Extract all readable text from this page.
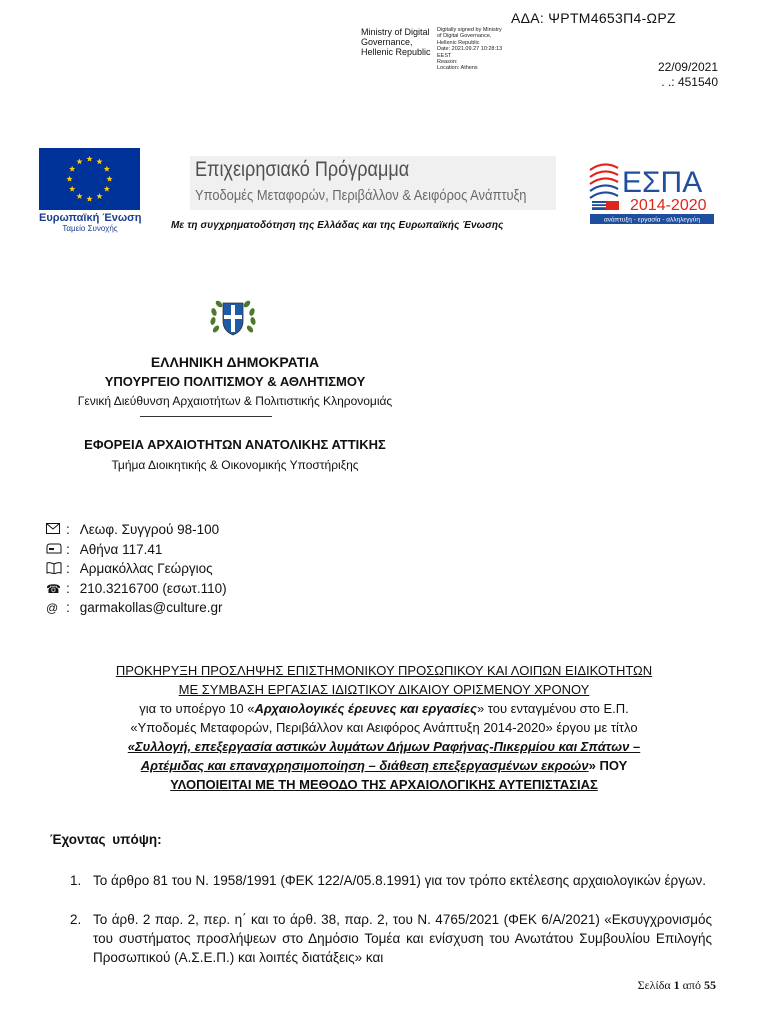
ΑΔΑ: ΨΡΤΜ4653Π4-ΩΡΖ
Ministry of Digital Governance, Hellenic Republic
Digitally signed by Ministry
of Digital Governance,
Hellenic Republic
Date: 2021.09.27 10:28:13
EEST
Reason:
Location: Athens	22/09/2021
. .: 451540
Ευρωπαϊκή Ένωση
Ταμείο Συνοχής
Επιχειρησιακό Πρόγραμμα
Υποδομές Μεταφορών, Περιβάλλον & Αειφόρος Ανάπτυξη
Με τη συγχρηματοδότηση της Ελλάδας και της Ευρωπαϊκής Ένωσης
ΕΣΠΑ
2014-2020
ανάπτυξη - εργασία - αλληλεγγύη
ΕΛΛΗΝΙΚΗ ΔΗΜΟΚΡΑΤΙΑ
ΥΠΟΥΡΓΕΙΟ ΠΟΛΙΤΙΣΜΟΥ & ΑΘΛΗΤΙΣΜΟΥ
Γενική Διεύθυνση Αρχαιοτήτων & Πολιτιστικής Κληρονομιάς
ΕΦΟΡΕΙΑ ΑΡΧΑΙΟΤΗΤΩΝ ΑΝΑΤΟΛΙΚΗΣ ΑΤΤΙΚΗΣ
Τμήμα Διοικητικής & Οικονομικής Υποστήριξης
: Λεωφ. Συγγρού 98-100
: Αθήνα 117.41
: Αρμακόλλας Γεώργιος
☎ : 210.3216700 (εσωτ.110)
@ : garmakollas@culture.gr
ΠΡΟΚΗΡΥΞΗ ΠΡΟΣΛΗΨΗΣ ΕΠΙΣΤΗΜΟΝΙΚΟΥ ΠΡΟΣΩΠΙΚΟΥ ΚΑΙ ΛΟΙΠΩΝ ΕΙΔΙΚΟΤΗΤΩΝ
ΜΕ ΣΥΜΒΑΣΗ ΕΡΓΑΣΙΑΣ ΙΔΙΩΤΙΚΟΥ ΔΙΚΑΙΟΥ ΟΡΙΣΜΕΝΟΥ ΧΡΟΝΟΥ
για το υποέργο 10 «Αρχαιολογικές έρευνες και εργασίες» του ενταγμένου στο Ε.Π.
«Υποδομές Μεταφορών, Περιβάλλον και Αειφόρος Ανάπτυξη 2014-2020» έργου με τίτλο
«Συλλογή, επεξεργασία αστικών λυμάτων Δήμων Ραφήνας-Πικερμίου και Σπάτων –
Αρτέμιδας και επαναχρησιμοποίηση – διάθεση επεξεργασμένων εκροών» ΠΟΥ
ΥΛΟΠΟΙΕΙΤΑΙ ΜΕ ΤΗ ΜΕΘΟΔΟ ΤΗΣ ΑΡΧΑΙΟΛΟΓΙΚΗΣ ΑΥΤΕΠΙΣΤΑΣΙΑΣ
Έχοντας υπόψη:
1. Το άρθρο 81 του Ν. 1958/1991 (ΦΕΚ 122/Α/05.8.1991) για τον τρόπο εκτέλεσης αρχαιολογικών έργων.
2. Το άρθ. 2 παρ. 2, περ. η΄ και το άρθ. 38, παρ. 2, του Ν. 4765/2021 (ΦΕΚ 6/Α/2021) «Εκσυγχρονισμός του συστήματος προσλήψεων στο Δημόσιο Τομέα και ενίσχυση του Ανωτάτου Συμβουλίου Επιλογής Προσωπικού (Α.Σ.Ε.Π.) και λοιπές διατάξεις» και
Σελίδα 1 από 55
